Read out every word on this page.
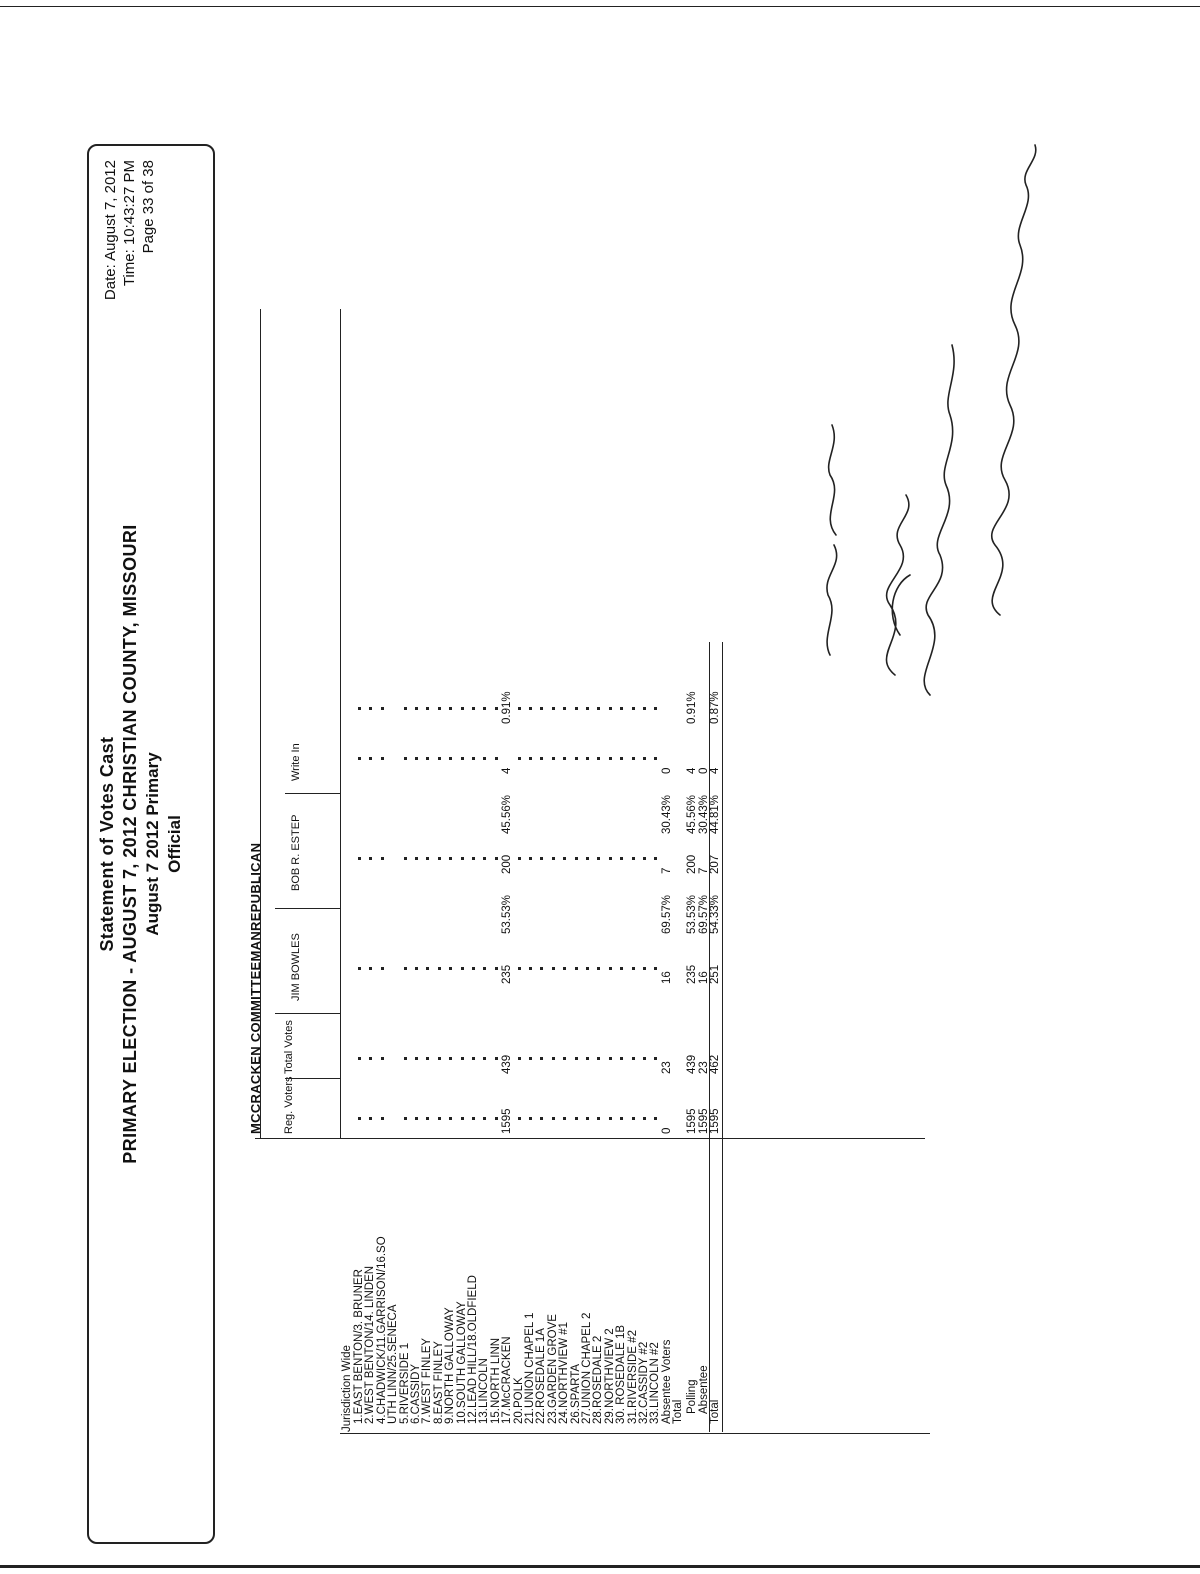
Statement of Votes Cast PRIMARY ELECTION - AUGUST 7, 2012 CHRISTIAN COUNTY, MISSOURI August 7 2012 Primary Official
Date: August 7, 2012 Time: 10:43:27 PM Page 33 of 38
MCCRACKEN COMMITTEEMANREPUBLICAN Reg. Voters
Total Votes
JIM BOWLES
BOB R. ESTEP
Write In
Jurisdiction Wide 1.EAST BENTON/3. BRUNER 2.WEST BENTON/14. LINDEN 4.CHADWICK/11.GARRISON/16.SO UTH LINN/25.SENECA 5.RIVERSIDE 1 6.CASSIDY 7.WEST FINLEY 8.EAST FINLEY 9.NORTH GALLOWAY 10.SOUTH GALLOWAY 12.LEAD HILL/18.OLDFIELD 13.LINCOLN 15.NORTH LINN 17.McCRACKEN
1595
439
235
53.53%
200
45.56%
4
0.91%
20.POLK 21.UNION CHAPEL 1 22.ROSEDALE 1A 23.GARDEN GROVE 24.NORTHVIEW #1 26.SPARTA 27.UNION CHAPEL 2 28.ROSEDALE 2 29.NORTHVIEW 2 30. ROSEDALE 1B 31.RIVERSIDE #2 32.CASSIDY #2 33.LINCOLN #2 Absentee Voters
0
23
16
69.57%
7
30.43%
0
Total Polling
1595
439
235
53.53%
200
45.56%
4
0.91%
Absentee
1595
23
16
69.57%
7
30.43%
0
Total
1595
462
251
54.33%
207
44.81%
4
0.87%
